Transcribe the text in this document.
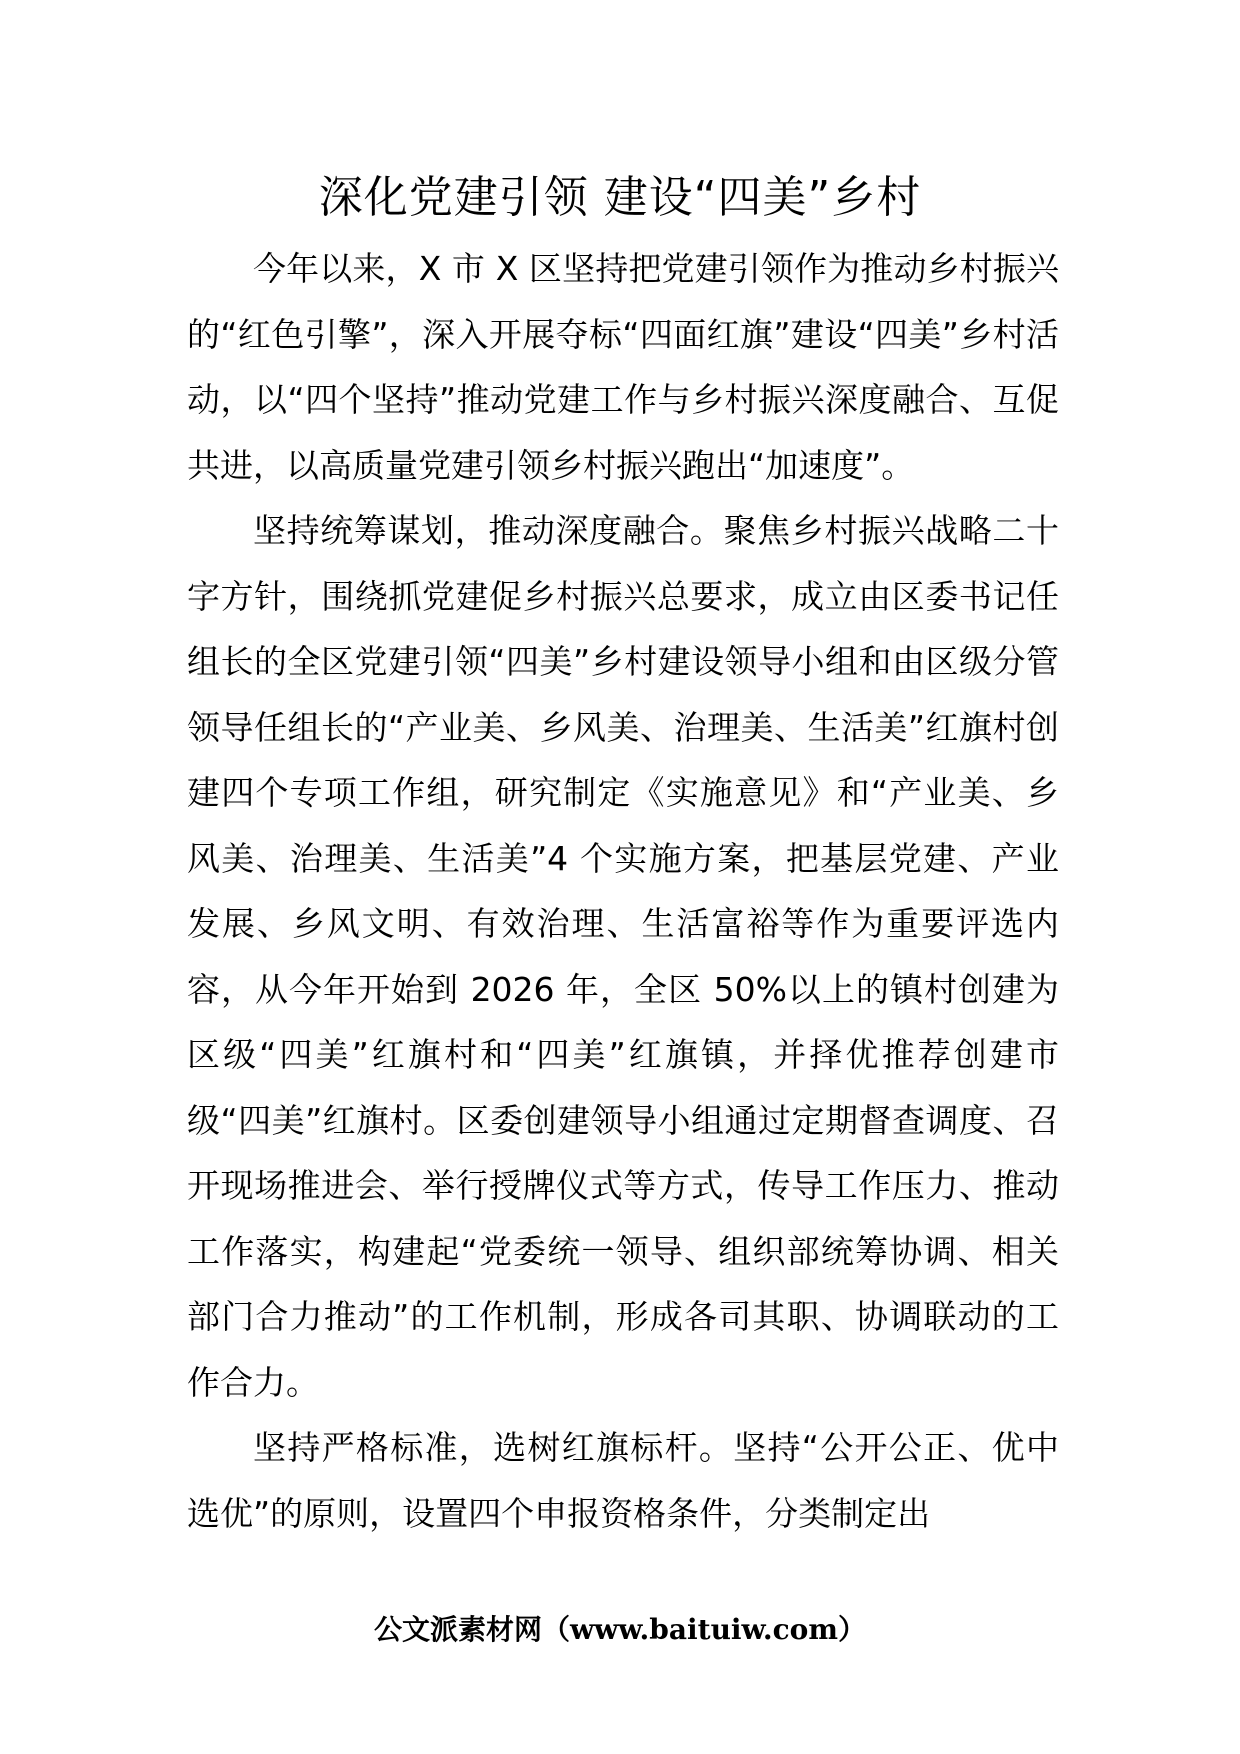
深化党建引领 建设“四美”乡村

今年以来，X 市 X 区坚持把党建引领作为推动乡村振兴的“红色引擎”，深入开展夺标“四面红旗”建设“四美”乡村活动，以“四个坚持”推动党建工作与乡村振兴深度融合、互促共进，以高质量党建引领乡村振兴跑出“加速度”。

坚持统筹谋划，推动深度融合。聚焦乡村振兴战略二十字方针，围绕抓党建促乡村振兴总要求，成立由区委书记任组长的全区党建引领“四美”乡村建设领导小组和由区级分管领导任组长的“产业美、乡风美、治理美、生活美”红旗村创建四个专项工作组，研究制定《实施意见》和“产业美、乡风美、治理美、生活美”4 个实施方案，把基层党建、产业发展、乡风文明、有效治理、生活富裕等作为重要评选内容，从今年开始到 2026 年，全区 50%以上的镇村创建为区级“四美”红旗村和“四美”红旗镇，并择优推荐创建市级“四美”红旗村。区委创建领导小组通过定期督查调度、召开现场推进会、举行授牌仪式等方式，传导工作压力、推动工作落实，构建起“党委统一领导、组织部统筹协调、相关部门合力推动”的工作机制，形成各司其职、协调联动的工作合力。

坚持严格标准，选树红旗标杆。坚持“公开公正、优中选优”的原则，设置四个申报资格条件，分类制定出

公文派素材网（www.baituiw.com）
